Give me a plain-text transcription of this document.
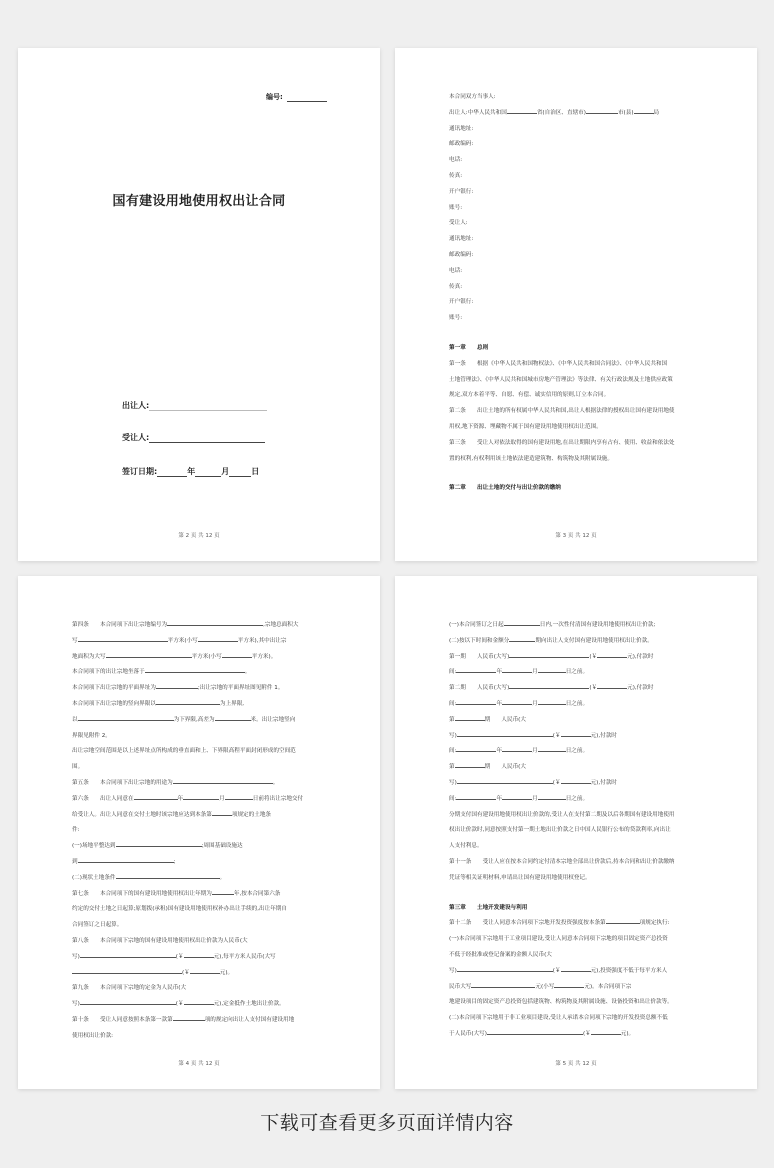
编号:
国有建设用地使用权出让合同
出让人:
受让人:
签订日期:	年	月	日
第 2 页 共 12 页
本合同双方当事人:
出让人:中华人民共和国	省(自治区、直辖市)	市(县)	局
通讯地址:
邮政编码:
电话:
传真:
开户银行:
账号:
受让人:
通讯地址:
邮政编码:
电话:
传真:
开户银行:
账号:
第一章　　总则
第一条　　根据《中华人民共和国物权法》、《中华人民共和国合同法》、《中华人民共和国
土地管理法》、《中华人民共和国城市房地产管理法》等法律、有关行政法规及土地供应政策
规定,双方本着平等、自愿、有偿、诚实信用的原则,订立本合同。
第二条　　出让土地的所有权属中华人民共和国,出让人根据法律的授权出让国有建设用地使
用权,地下资源、埋藏物不属于国有建设用地使用权出让范围。
第三条　　受让人对依法取得的国有建设用地,在出让期限内享有占有、使用、收益和依法处
置的权利,有权利用该土地依法建造建筑物、构筑物及其附属设施。
第二章　　出让土地的交付与出让价款的缴纳
第 3 页 共 12 页
第四条　　本合同项下出让宗地编号为	,宗地总面积大
写	平方米(小写	平方米),其中出让宗
地面积为大写	平方米(小写	平方米)。
本合同项下的出让宗地坐落于	。
本合同项下出让宗地的平面界址为	;出让宗地的平面界址图见附件 1。
本合同项下出让宗地的竖向界限以	为上界限,
以	为下界限,高差为	米。出让宗地竖向
界限见附件 2。
出让宗地空间范围是以上述界址点所构成的垂直面和上、下界限高程平面封闭形成的空间范
围。
第五条　　本合同项下出让宗地的用途为	。
第六条　　出让人同意在	年	月	日前将出让宗地交付
给受让人。出让人同意在交付土地时该宗地应达到本条第	项规定的土地条
件:
(一)场地平整达到	;周围基础设施达
到	;
(二)现状土地条件	。
第七条　　本合同项下的国有建设用地使用权出让年期为	年,按本合同第六条
约定的交付土地之日起算;原划拨(承租)国有建设用地使用权补办出让手续的,出让年期自
合同签订之日起算。
第八条　　本合同项下宗地的国有建设用地使用权出让价款为人民币(大
写)	(￥	元),每平方米人民币(大写
(￥	元)。
第九条　　本合同项下宗地的定金为人民币(大
写)	(￥	元),定金抵作土地出让价款。
第十条　　受让人同意按照本条第一款第	项的规定向出让人支付国有建设用地
使用权出让价款:
第 4 页 共 12 页
(一)本合同签订之日起	日内,一次性付清国有建设用地使用权出让价款;
(二)按以下时间和金额分	期向出让人支付国有建设用地使用权出让价款。
第一期　　人民币(大写)	(￥	元),付款时
间:	年	月	日之前。
第二期　　人民币(大写)	(￥	元),付款时
间:	年	月	日之前。
第	期　　人民币(大
写)	(￥	元),付款时
间:	年	月	日之前。
第	期　　人民币(大
写)	(￥	元),付款时
间:	年	月	日之前。
分期支付国有建设用地使用权出让价款的,受让人在支付第二期及以后各期国有建设用地使用
权出让价款时,同意按照支付第一期土地出让价款之日中国人民银行公布的贷款利率,向出让
人支付利息。
第十一条　　受让人应在按本合同约定付清本宗地全部出让价款后,持本合同和出让价款缴纳
凭证等相关证明材料,申请出让国有建设用地使用权登记。
第三章　　土地开发建设与利用
第十二条　　受让人同意本合同项下宗地开发投资强度按本条第	项规定执行:
(一)本合同项下宗地用于工业项目建设,受让人同意本合同项下宗地的项目固定资产总投资
不低于经批准或登记备案的金额人民币(大
写)	(￥	元),投资强度不低于每平方米人
民币大写	元(小写	元)。本合同项下宗
地建设项目的固定资产总投资包括建筑物、构筑物及其附属设施、设备投资和出让价款等。
(二)本合同项下宗地用于非工业项目建设,受让人承诺本合同项下宗地的开发投资总额不低
于人民币(大写)	(￥	元)。
第 5 页 共 12 页
下载可查看更多页面详情内容
